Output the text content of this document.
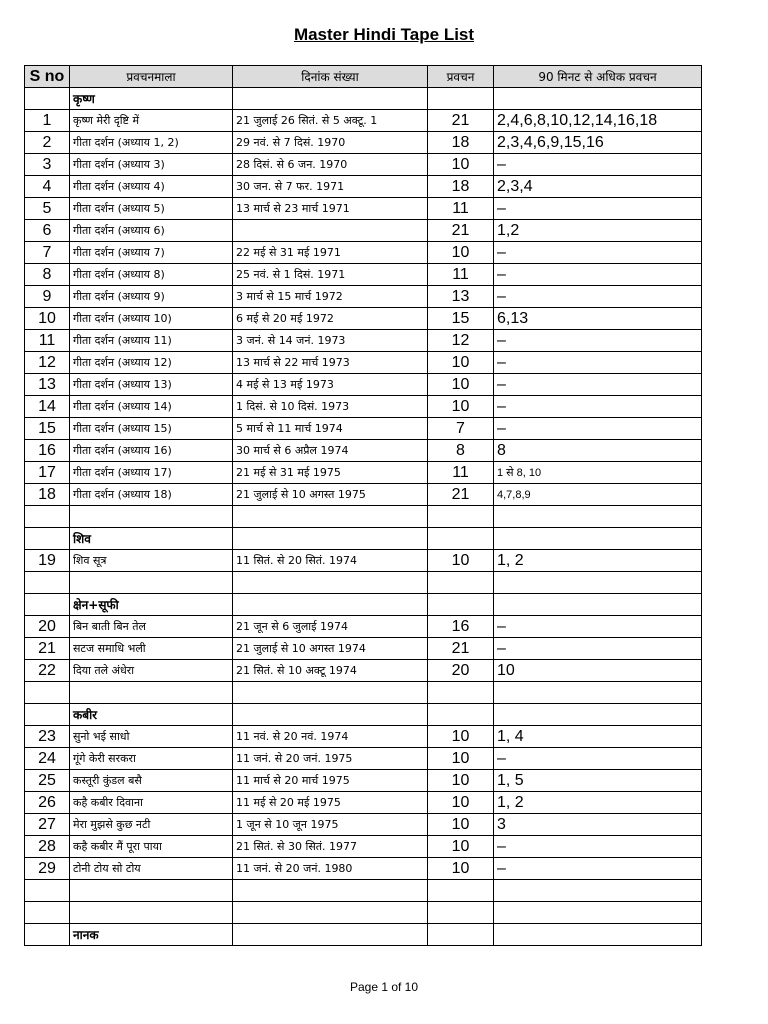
Master Hindi Tape List
S no	प्रवचनमाला	दिनांक संख्या	प्रवचन	90 मिनट से अधिक प्रवचन
	कृष्ण			
1	कृष्ण मेरी दृष्टि में	21 जुलाई 26 सितं. से 5 अक्टू. 1	21	2,4,6,8,10,12,14,16,18
2	गीता दर्शन (अध्याय 1, 2)	29 नवं. से 7 दिसं. 1970	18	2,3,4,6,9,15,16
3	गीता दर्शन (अध्याय 3)	28 दिसं. से 6 जन. 1970	10	–
4	गीता दर्शन (अध्याय 4)	30 जन. से 7 फर. 1971	18	2,3,4
5	गीता दर्शन (अध्याय 5)	13 मार्च से 23 मार्च 1971	11	–
6	गीता दर्शन (अध्याय 6)		21	1,2
7	गीता दर्शन (अध्याय 7)	22 मई से 31 मई 1971	10	–
8	गीता दर्शन (अध्याय 8)	25 नवं. से 1 दिसं. 1971	11	–
9	गीता दर्शन (अध्याय 9)	3 मार्च से 15 मार्च 1972	13	–
10	गीता दर्शन (अध्याय 10)	6 मई से 20 मई 1972	15	6,13
11	गीता दर्शन (अध्याय 11)	3 जनं. से 14 जनं. 1973	12	–
12	गीता दर्शन (अध्याय 12)	13 मार्च से 22 मार्च 1973	10	–
13	गीता दर्शन (अध्याय 13)	4 मई से 13 मई 1973	10	–
14	गीता दर्शन (अध्याय 14)	1 दिसं. से 10 दिसं. 1973	10	–
15	गीता दर्शन (अध्याय 15)	5 मार्च से 11 मार्च 1974	7	–
16	गीता दर्शन (अध्याय 16)	30 मार्च से 6 अप्रैल 1974	8	8
17	गीता दर्शन (अध्याय 17)	21 मई से 31 मई 1975	11	1 से 8, 10
18	गीता दर्शन (अध्याय 18)	21 जुलाई से 10 अगस्त 1975	21	4,7,8,9

	शिव			
19	शिव सूत्र	11 सितं. से 20 सितं. 1974	10	1, 2

	क्षेन+सूफी			
20	बिन बाती बिन तेल	21 जून से 6 जुलाई 1974	16	–
21	सटज समाधि भली	21 जुलाई से 10 अगस्त 1974	21	–
22	दिया तले अंधेरा	21 सितं. से 10 अक्टू 1974	20	10

	कबीर			
23	सुनो भई साधो	11 नवं. से 20 नवं. 1974	10	1, 4
24	गूंगे केरी सरकरा	11 जनं. से 20 जनं. 1975	10	–
25	कस्तूरी कुंडल बसै	11 मार्च से 20 मार्च 1975	10	1, 5
26	कहै कबीर दिवाना	11 मई से 20 मई 1975	10	1, 2
27	मेरा मुझसे कुछ नटी	1 जून से 10 जून 1975	10	3
28	कहै कबीर मैं पूरा पाया	21 सितं. से 30 सितं. 1977	10	–
29	टोनी टोय सो टोय	11 जनं. से 20 जनं. 1980	10	–

	नानक			
Page 1 of 10
